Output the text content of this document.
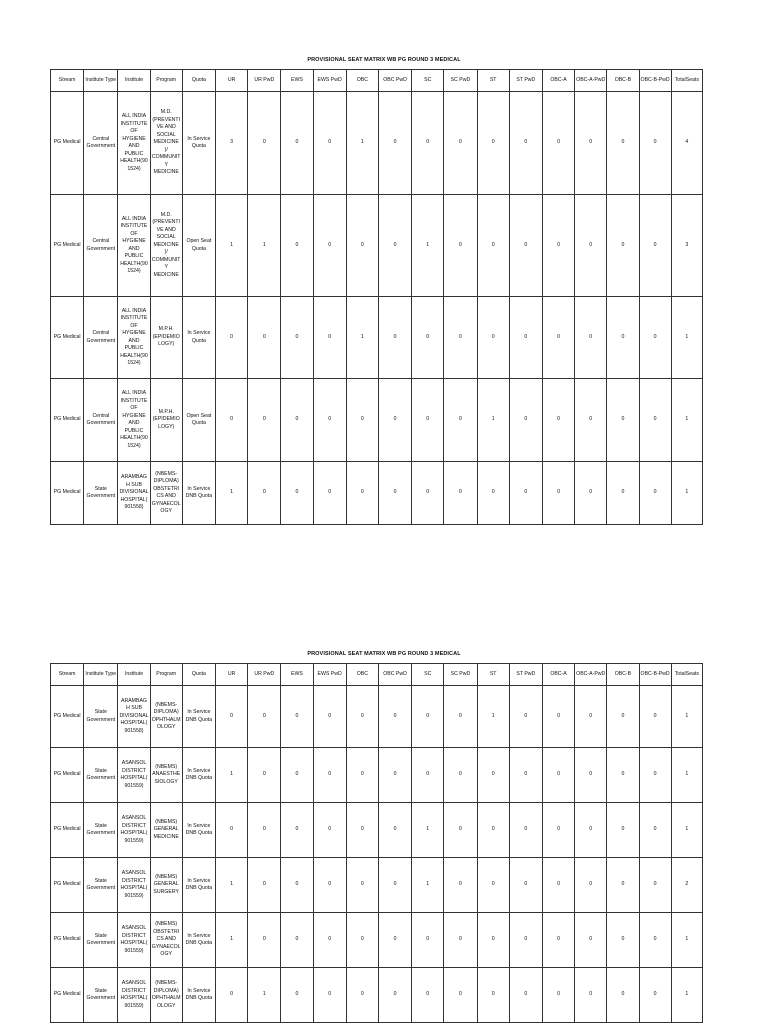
PROVISIONAL SEAT MATRIX WB PG ROUND 3 MEDICAL
Stream	Institute Type	Institute	Program	Quota	UR	UR PwD	EWS	EWS PwD	OBC	OBC PwD	SC	SC PwD	ST	ST PwD	OBC-A	OBC-A-PwD	OBC-B	OBC-B-PwD	TotalSeats
PG Medical	Central Government	ALL INDIA INSTITUTE OF HYGIENE AND PUBLIC HEALTH(901524)	M.D. (PREVENTIVE AND SOCIAL MEDICINE )/ COMMUNITY MEDICINE	In Service Quota	3	0	0	0	1	0	0	0	0	0	0	0	0	0	4
PG Medical	Central Government	ALL INDIA INSTITUTE OF HYGIENE AND PUBLIC HEALTH(901524)	M.D. (PREVENTIVE AND SOCIAL MEDICINE )/ COMMUNITY MEDICINE	Open Seat Quota	1	1	0	0	0	0	1	0	0	0	0	0	0	0	3
PG Medical	Central Government	ALL INDIA INSTITUTE OF HYGIENE AND PUBLIC HEALTH(901524)	M.P.H. (EPIDEMIOLOGY)	In Service Quota	0	0	0	0	1	0	0	0	0	0	0	0	0	0	1
PG Medical	Central Government	ALL INDIA INSTITUTE OF HYGIENE AND PUBLIC HEALTH(901524)	M.P.H. (EPIDEMIOLOGY)	Open Seat Quota	0	0	0	0	0	0	0	0	1	0	0	0	0	0	1
PG Medical	State Government	ARAMBAGH SUB DIVISIONAL HOSPITAL(901558)	(NBEMS-DIPLOMA) OBSTETRICS AND GYNAECOLOGY	In Service DNB Quota	1	0	0	0	0	0	0	0	0	0	0	0	0	0	1
PROVISIONAL SEAT MATRIX WB PG ROUND 3 MEDICAL
Stream	Institute Type	Institute	Program	Quota	UR	UR PwD	EWS	EWS PwD	OBC	OBC PwD	SC	SC PwD	ST	ST PwD	OBC-A	OBC-A-PwD	OBC-B	OBC-B-PwD	TotalSeats
PG Medical	State Government	ARAMBAGH SUB DIVISIONAL HOSPITAL(901558)	(NBEMS-DIPLOMA) OPHTHALMOLOGY	In Service DNB Quota	0	0	0	0	0	0	0	0	1	0	0	0	0	0	1
PG Medical	State Government	ASANSOL DISTRICT HOSPITAL(901559)	(NBEMS) ANAESTHESIOLOGY	In Service DNB Quota	1	0	0	0	0	0	0	0	0	0	0	0	0	0	1
PG Medical	State Government	ASANSOL DISTRICT HOSPITAL(901559)	(NBEMS) GENERAL MEDICINE	In Service DNB Quota	0	0	0	0	0	0	1	0	0	0	0	0	0	0	1
PG Medical	State Government	ASANSOL DISTRICT HOSPITAL(901559)	(NBEMS) GENERAL SURGERY	In Service DNB Quota	1	0	0	0	0	0	1	0	0	0	0	0	0	0	2
PG Medical	State Government	ASANSOL DISTRICT HOSPITAL(901559)	(NBEMS) OBSTETRICS AND GYNAECOLOGY	In Service DNB Quota	1	0	0	0	0	0	0	0	0	0	0	0	0	0	1
PG Medical	State Government	ASANSOL DISTRICT HOSPITAL(901559)	(NBEMS-DIPLOMA) OPHTHALMOLOGY	In Service DNB Quota	0	1	0	0	0	0	0	0	0	0	0	0	0	0	1
